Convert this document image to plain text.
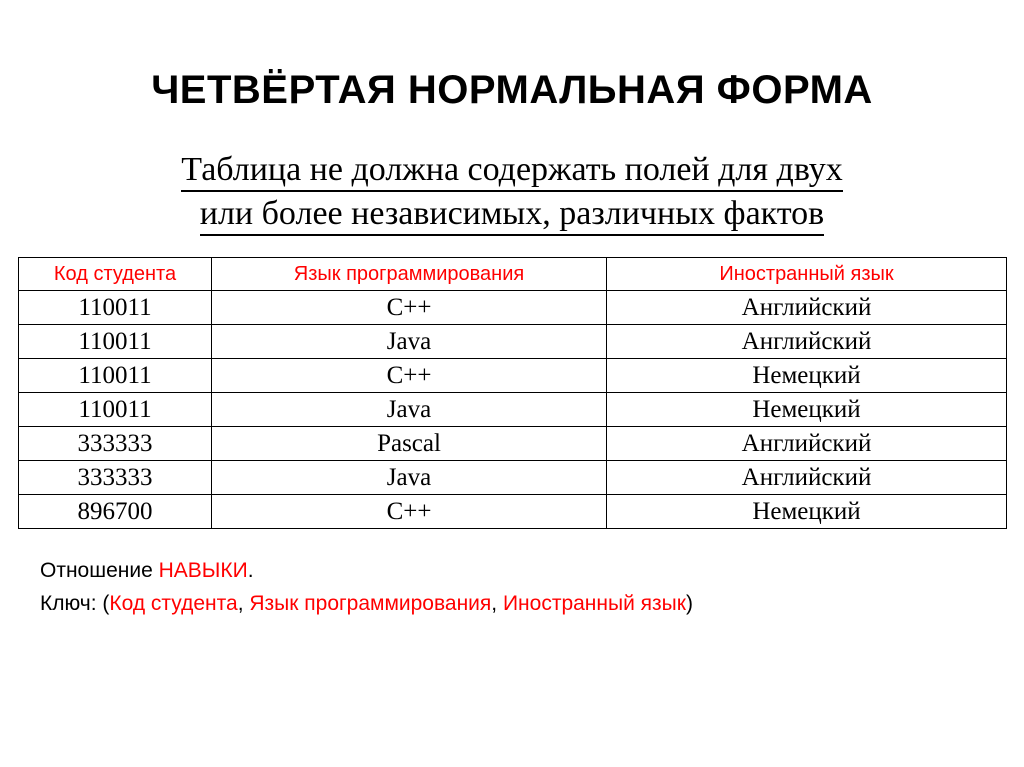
ЧЕТВЁРТАЯ НОРМАЛЬНАЯ ФОРМА
Таблица не должна содержать полей для двух
или более независимых, различных фактов
Код студента	Язык программирования	Иностранный язык
110011	C++	Английский
110011	Java	Английский
110011	C++	Немецкий
110011	Java	Немецкий
333333	Pascal	Английский
333333	Java	Английский
896700	C++	Немецкий
Отношение НАВЫКИ.
Ключ: (Код студента, Язык программирования, Иностранный язык)
